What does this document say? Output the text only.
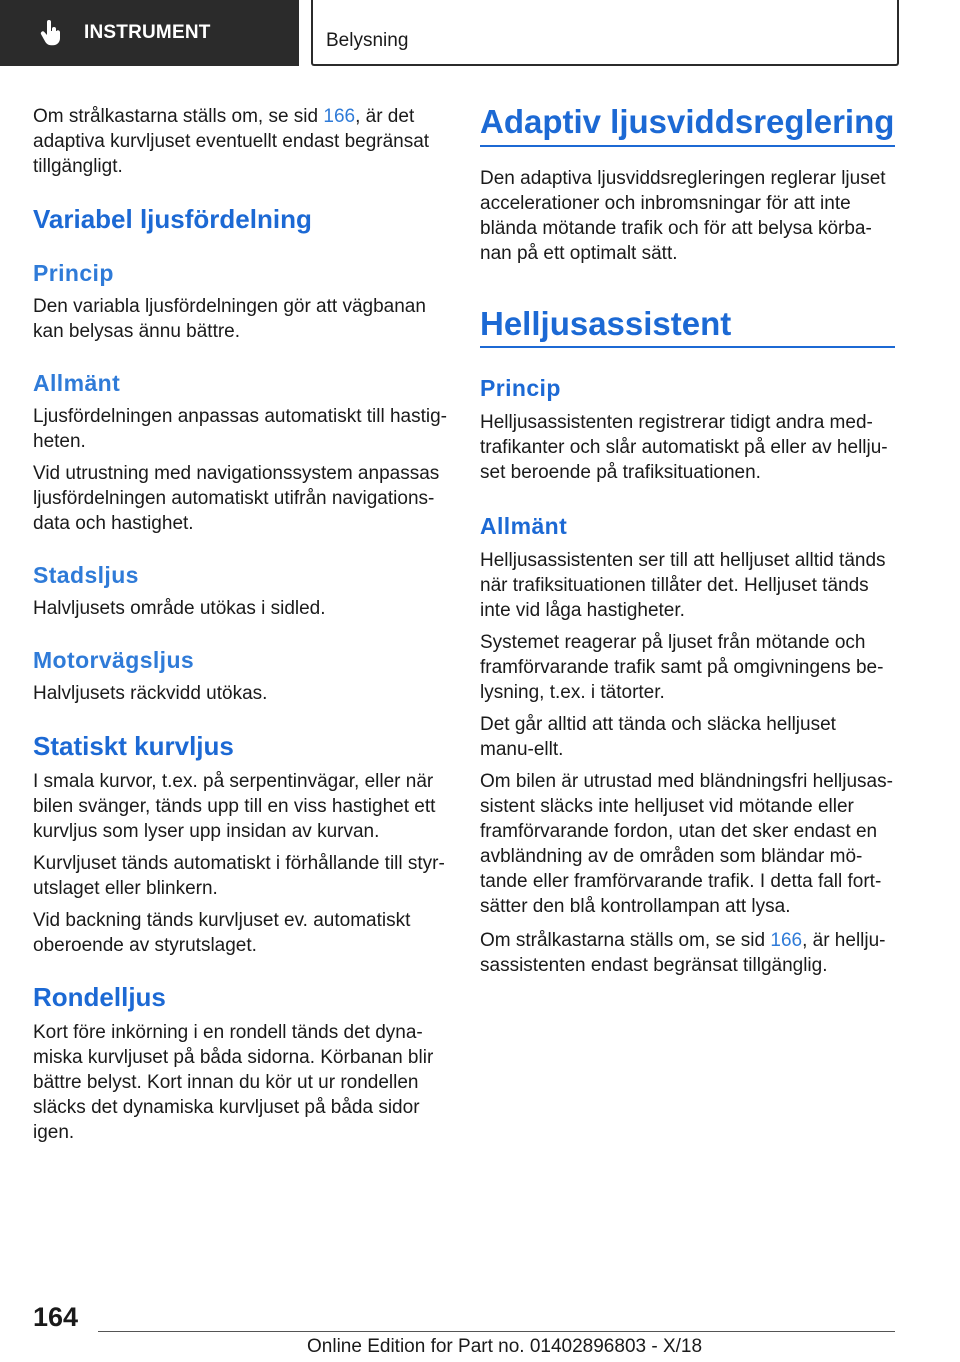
INSTRUMENT	Belysning

Om strålkastarna ställs om, se sid 166, är det adaptiva kurvljuset eventuellt endast begränsat tillgängligt.

Variabel ljusfördelning
Princip

Den variabla ljusfördelningen gör att vägbanan kan belysas ännu bättre.

Allmänt

Ljusfördelningen anpassas automatiskt till hastig-heten.

Vid utrustning med navigationssystem anpassas ljusfördelningen automatiskt utifrån navigations-data och hastighet.

Stadsljus

Halvljusets område utökas i sidled.

Motorvägsljus

Halvljusets räckvidd utökas.

Statiskt kurvljus

I smala kurvor, t.ex. på serpentinvägar, eller när bilen svänger, tänds upp till en viss hastighet ett kurvljus som lyser upp insidan av kurvan.

Kurvljuset tänds automatiskt i förhållande till styr-utslaget eller blinkern.

Vid backning tänds kurvljuset ev. automatiskt oberoende av styrutslaget.

Rondelljus

Kort före inkörning i en rondell tänds det dyna-miska kurvljuset på båda sidorna. Körbanan blir bättre belyst. Kort innan du kör ut ur rondellen släcks det dynamiska kurvljuset på båda sidor igen.

Adaptiv ljusviddsreglering

Den adaptiva ljusviddsregleringen reglerar ljuset accelerationer och inbromsningar för att inte blända mötande trafik och för att belysa körba-nan på ett optimalt sätt.

Helljusassistent
Princip

Helljusassistenten registrerar tidigt andra med-trafikanter och slår automatiskt på eller av hellju-set beroende på trafiksituationen.

Allmänt

Helljusassistenten ser till att helljuset alltid tänds när trafiksituationen tillåter det. Helljuset tänds inte vid låga hastigheter.

Systemet reagerar på ljuset från mötande och framförvarande trafik samt på omgivningens be-lysning, t.ex. i tätorter.

Det går alltid att tända och släcka helljuset manu-ellt.

Om bilen är utrustad med bländningsfri helljusas-sistent släcks inte helljuset vid mötande eller framförvarande fordon, utan det sker endast en avbländning av de områden som bländar mö-tande eller framförvarande trafik. I detta fall fort-sätter den blå kontrollampan att lysa.

Om strålkastarna ställs om, se sid 166, är hellju-sassistenten endast begränsat tillgänglig.

164
Online Edition for Part no. 01402896803 - X/18
